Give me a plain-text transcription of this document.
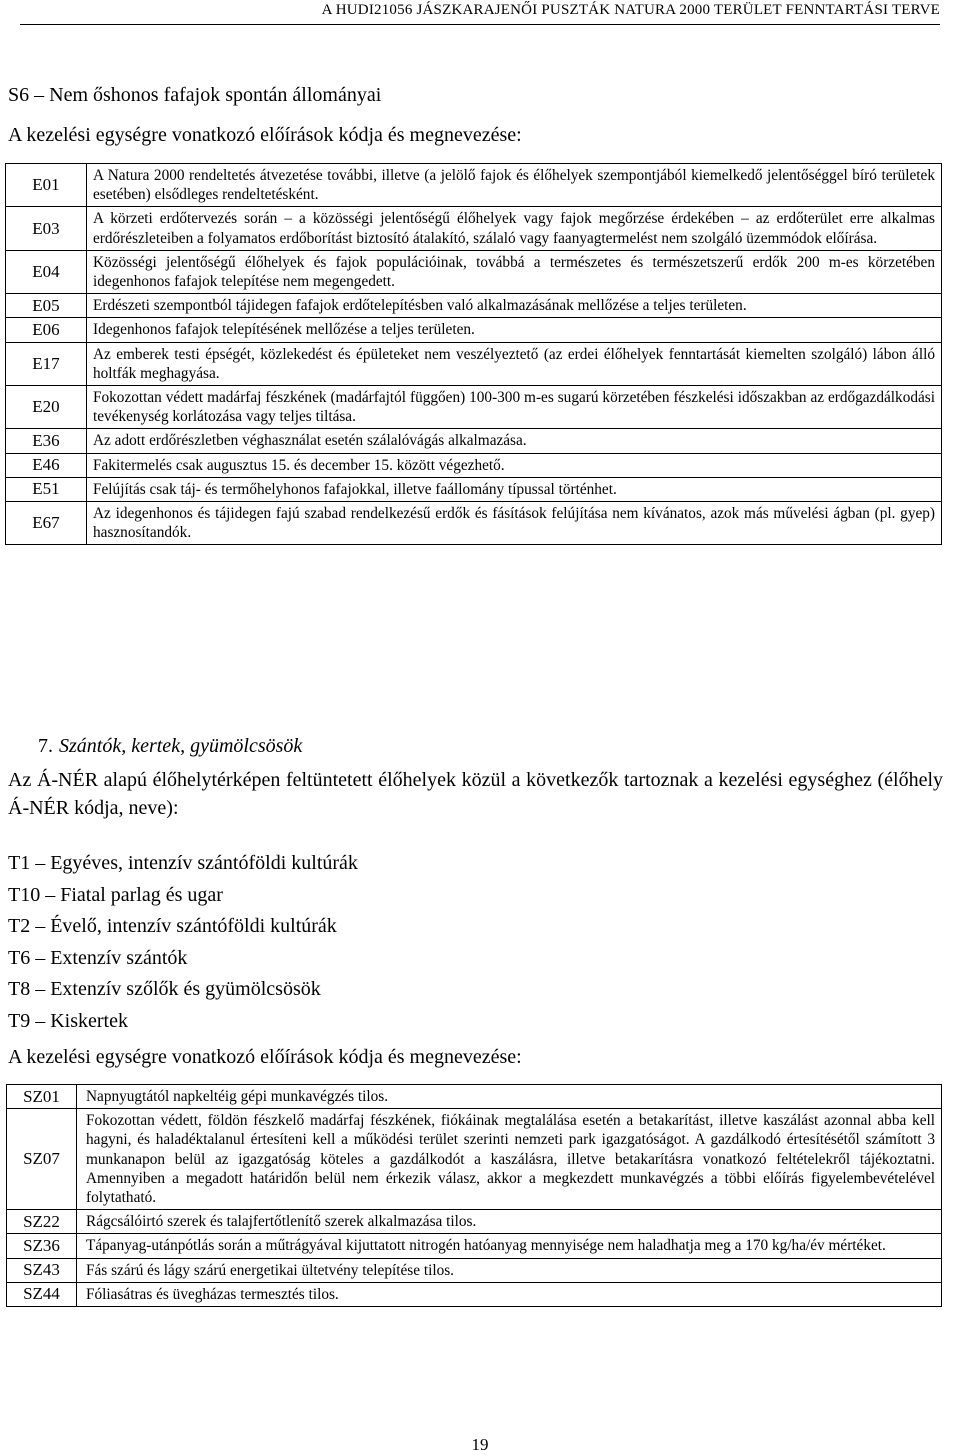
A HUDI21056 JÁSZKARAJENŐI PUSZTÁK NATURA 2000 TERÜLET FENNTARTÁSI TERVE
S6 – Nem őshonos fafajok spontán állományai
A kezelési egységre vonatkozó előírások kódja és megnevezése:
E01	A Natura 2000 rendeltetés átvezetése további, illetve (a jelölő fajok és élőhelyek szempontjából kiemelkedő jelentőséggel bíró területek esetében) elsődleges rendeltetésként.
E03	A körzeti erdőtervezés során – a közösségi jelentőségű élőhelyek vagy fajok megőrzése érdekében – az erdőterület erre alkalmas erdőrészleteiben a folyamatos erdőborítást biztosító átalakító, szálaló vagy faanyagtermelést nem szolgáló üzemmódok előírása.
E04	Közösségi jelentőségű élőhelyek és fajok populációinak, továbbá a természetes és természetszerű erdők 200 m-es körzetében idegenhonos fafajok telepítése nem megengedett.
E05	Erdészeti szempontból tájidegen fafajok erdőtelepítésben való alkalmazásának mellőzése a teljes területen.
E06	Idegenhonos fafajok telepítésének mellőzése a teljes területen.
E17	Az emberek testi épségét, közlekedést és épületeket nem veszélyeztető (az erdei élőhelyek fenntartását kiemelten szolgáló) lábon álló holtfák meghagyása.
E20	Fokozottan védett madárfaj fészkének (madárfajtól függően) 100-300 m-es sugarú körzetében fészkelési időszakban az erdőgazdálkodási tevékenység korlátozása vagy teljes tiltása.
E36	Az adott erdőrészletben véghasználat esetén szálalóvágás alkalmazása.
E46	Fakitermelés csak augusztus 15. és december 15. között végezhető.
E51	Felújítás csak táj- és termőhelyhonos fafajokkal, illetve faállomány típussal történhet.
E67	Az idegenhonos és tájidegen fajú szabad rendelkezésű erdők és fásítások felújítása nem kívánatos, azok más művelési ágban (pl. gyep) hasznosítandók.
7. Szántók, kertek, gyümölcsösök
Az Á-NÉR alapú élőhelytérképen feltüntetett élőhelyek közül a következők tartoznak a kezelési egységhez (élőhely Á-NÉR kódja, neve):
T1 – Egyéves, intenzív szántóföldi kultúrák
T10 – Fiatal parlag és ugar
T2 – Évelő, intenzív szántóföldi kultúrák
T6 – Extenzív szántók
T8 – Extenzív szőlők és gyümölcsösök
T9 – Kiskertek
A kezelési egységre vonatkozó előírások kódja és megnevezése:
SZ01	Napnyugtától napkeltéig gépi munkavégzés tilos.
SZ07	Fokozottan védett, földön fészkelő madárfaj fészkének, fiókáinak megtalálása esetén a betakarítást, illetve kaszálást azonnal abba kell hagyni, és haladéktalanul értesíteni kell a működési terület szerinti nemzeti park igazgatóságot. A gazdálkodó értesítésétől számított 3 munkanapon belül az igazgatóság köteles a gazdálkodót a kaszálásra, illetve betakarításra vonatkozó feltételekről tájékoztatni. Amennyiben a megadott határidőn belül nem érkezik válasz, akkor a megkezdett munkavégzés a többi előírás figyelembevételével folytatható.
SZ22	Rágcsálóirtó szerek és talajfertőtlenítő szerek alkalmazása tilos.
SZ36	Tápanyag-utánpótlás során a műtrágyával kijuttatott nitrogén hatóanyag mennyisége nem haladhatja meg a 170 kg/ha/év mértéket.
SZ43	Fás szárú és lágy szárú energetikai ültetvény telepítése tilos.
SZ44	Fóliasátras és üvegházas termesztés tilos.
19
